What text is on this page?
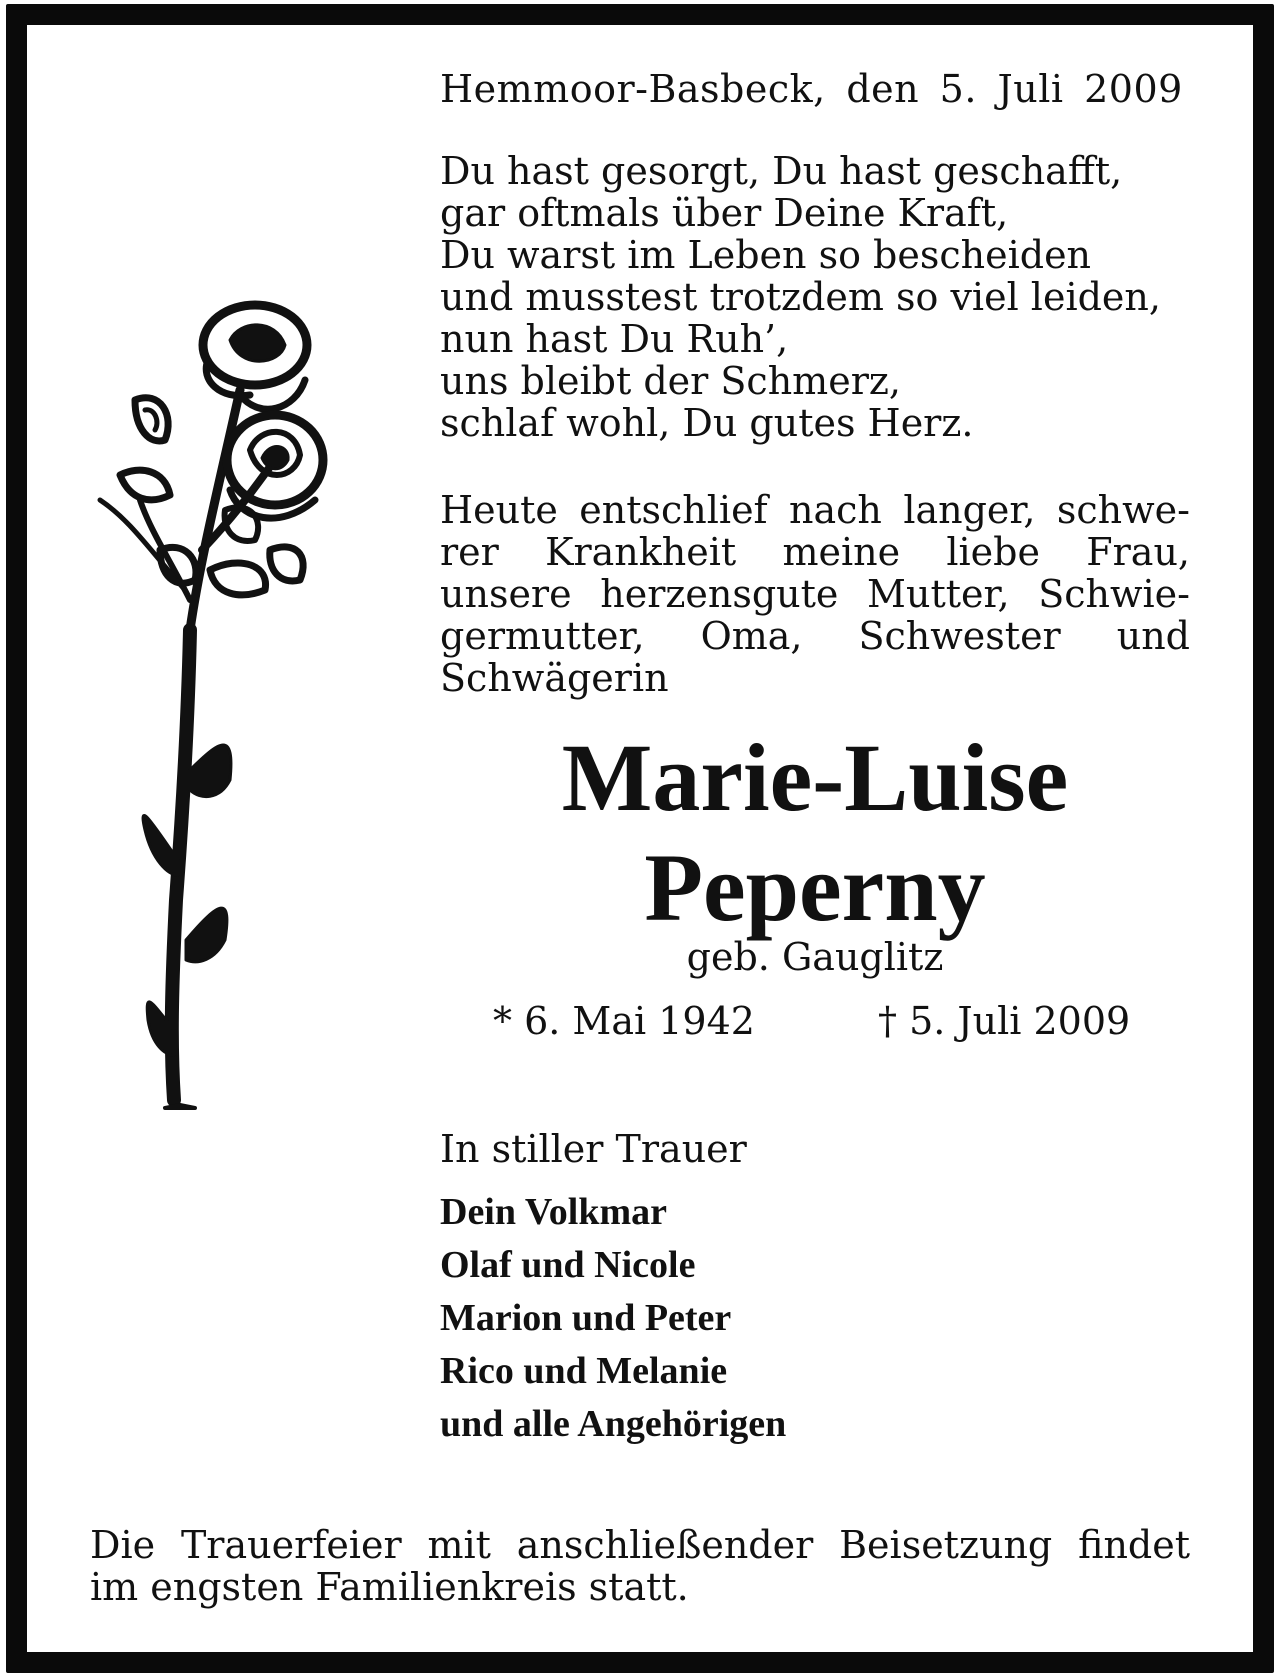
Hemmoor-Basbeck, den 5. Juli 2009
Du hast gesorgt, Du hast geschafft,
gar oftmals über Deine Kraft,
Du warst im Leben so bescheiden
und musstest trotzdem so viel leiden,
nun hast Du Ruh’,
uns bleibt der Schmerz,
schlaf wohl, Du gutes Herz.
Heute entschlief nach langer, schwe-
rer Krankheit meine liebe Frau,
unsere herzensgute Mutter, Schwie-
germutter, Oma, Schwester und
Schwägerin
Marie-Luise
Peperny
geb. Gauglitz
* 6. Mai 1942	† 5. Juli 2009
In stiller Trauer
Dein Volkmar
Olaf und Nicole
Marion und Peter
Rico und Melanie
und alle Angehörigen
Die Trauerfeier mit anschließender Beisetzung findet
im engsten Familienkreis statt.
